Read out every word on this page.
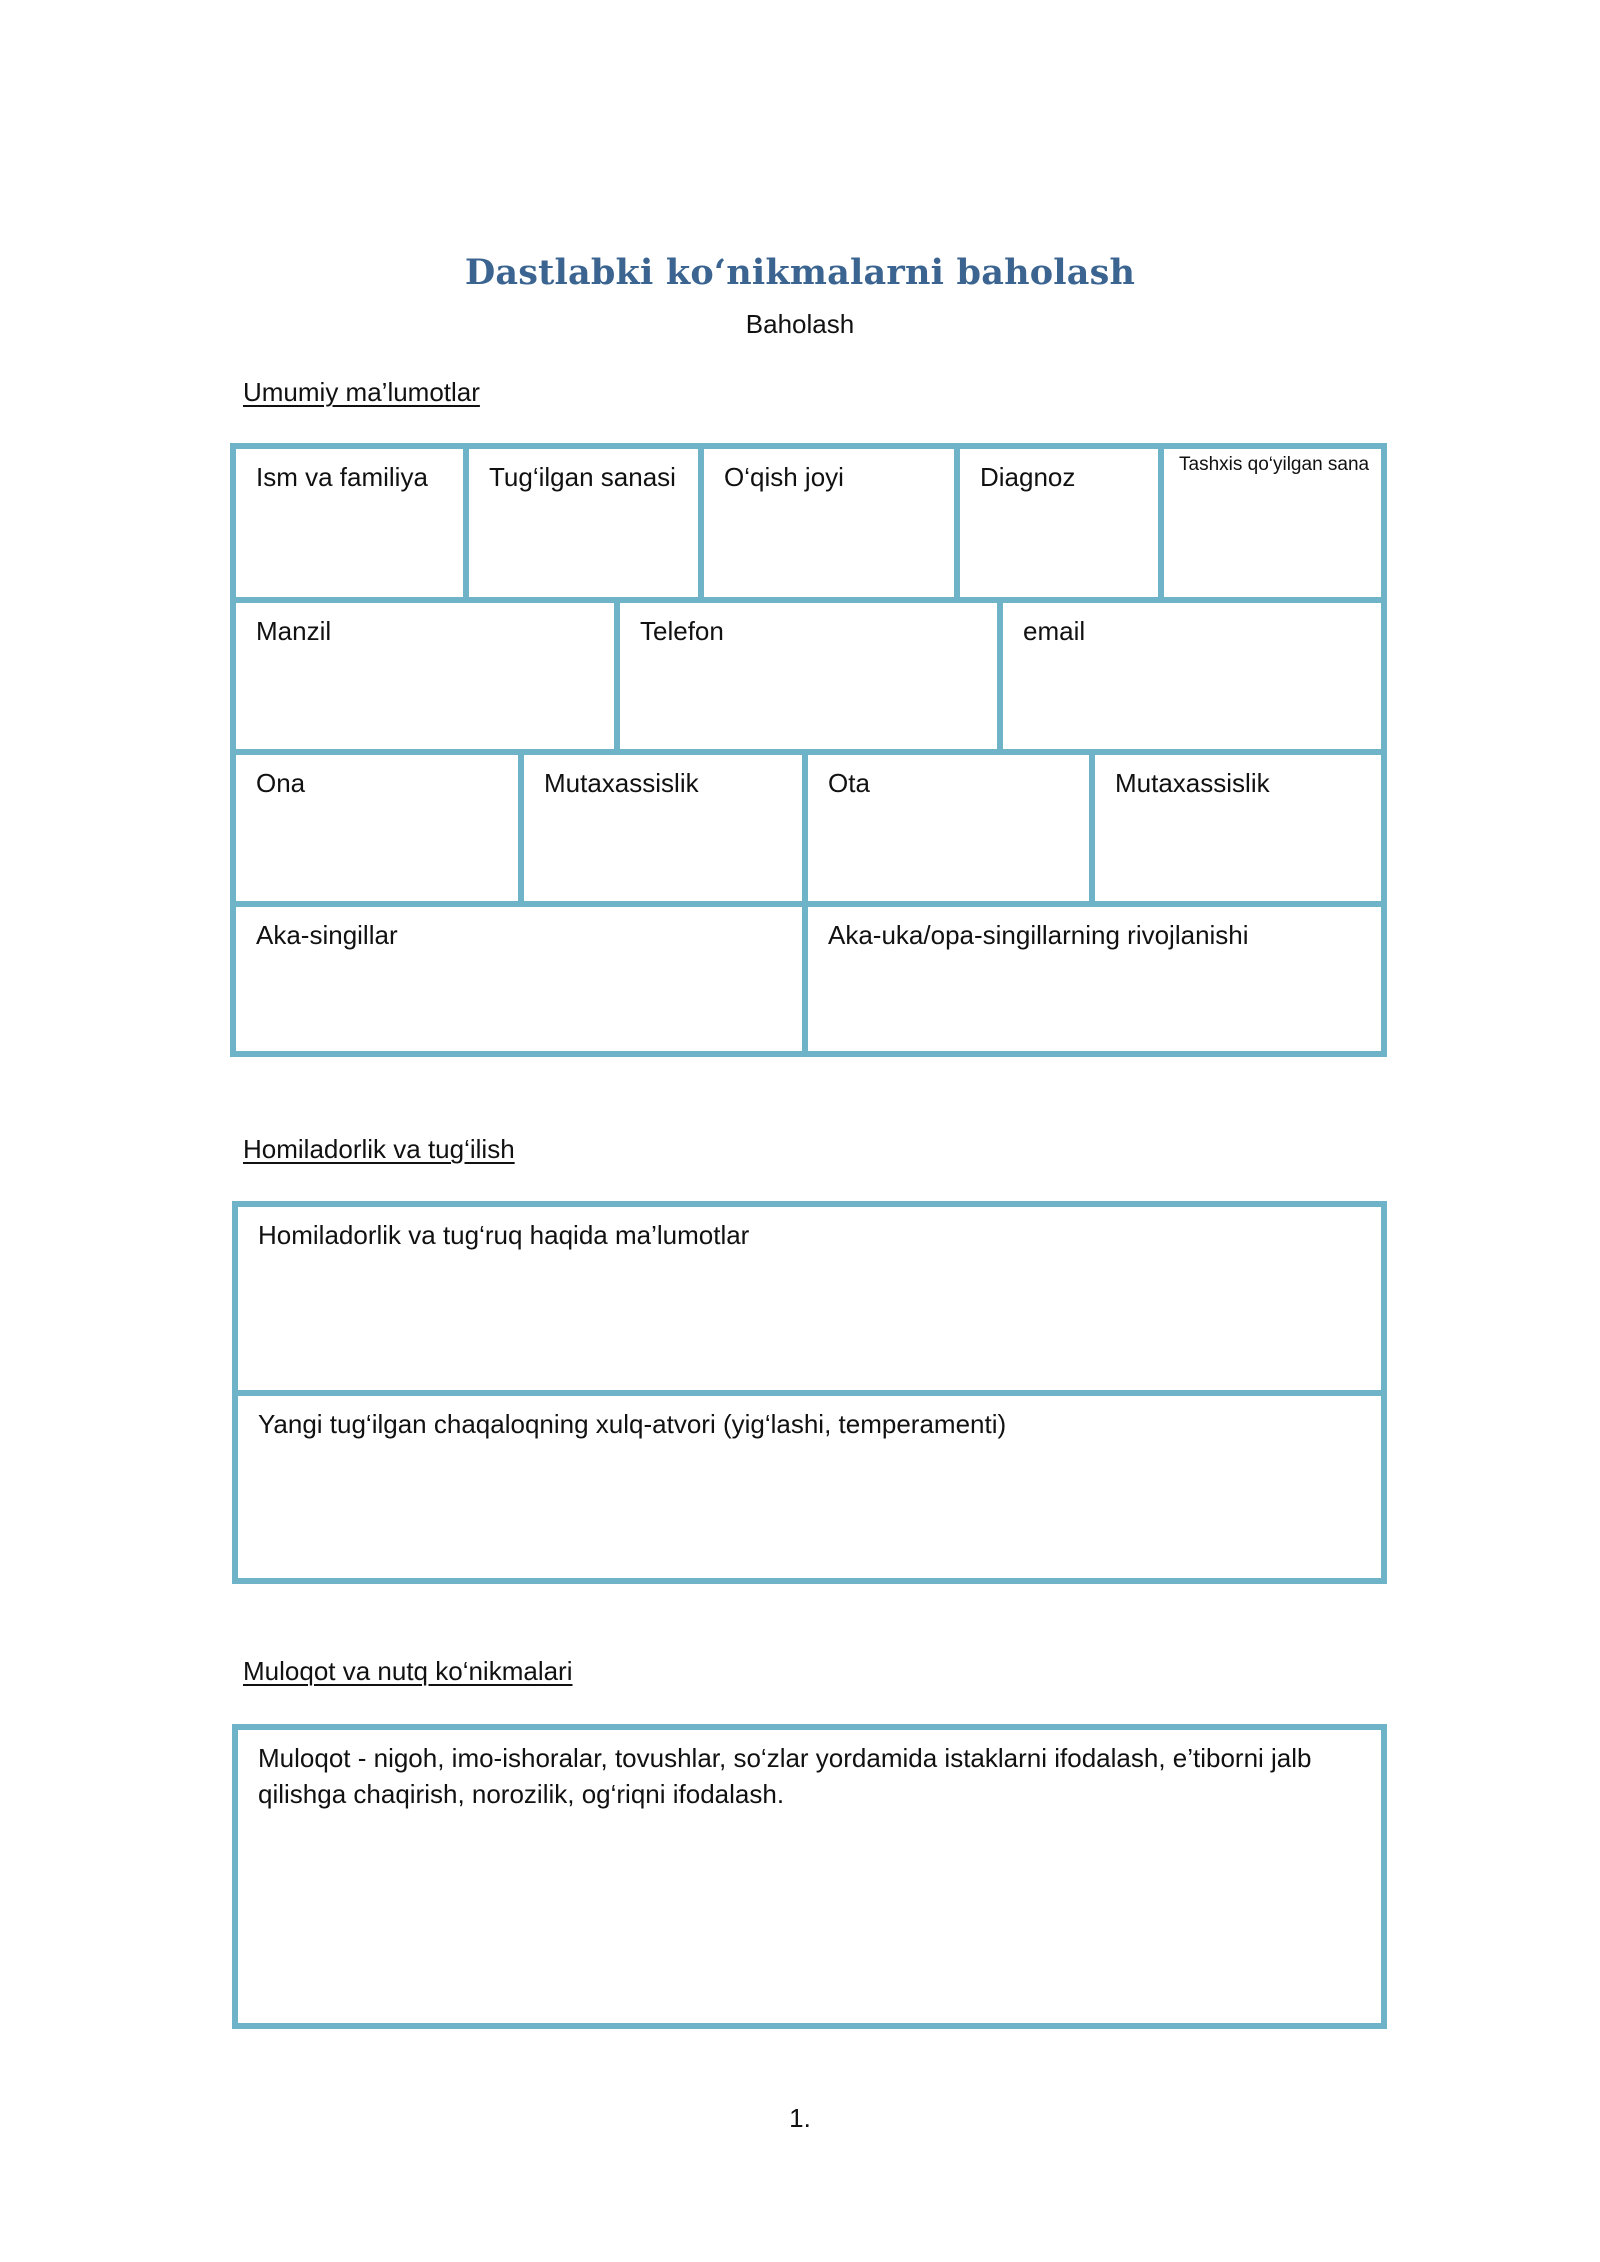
Dastlabki ko‘nikmalarni baholash
Baholash
Umumiy ma’lumotlar
Ism va familiya	Tug‘ilgan sanasi	O‘qish joyi	Diagnoz	Tashxis qo‘yilgan sana
Manzil	Telefon	email
Ona	Mutaxassislik	Ota	Mutaxassislik
Aka-singillar	Aka-uka/opa-singillarning rivojlanishi
Homiladorlik va tug‘ilish
Homiladorlik va tug‘ruq haqida ma’lumotlar
Yangi tug‘ilgan chaqaloqning xulq-atvori (yig‘lashi, temperamenti)
Muloqot va nutq ko‘nikmalari
Muloqot - nigoh, imo-ishoralar, tovushlar, so‘zlar yordamida istaklarni ifodalash, e’tiborni jalb qilishga chaqirish, norozilik, og‘riqni ifodalash.
1.
